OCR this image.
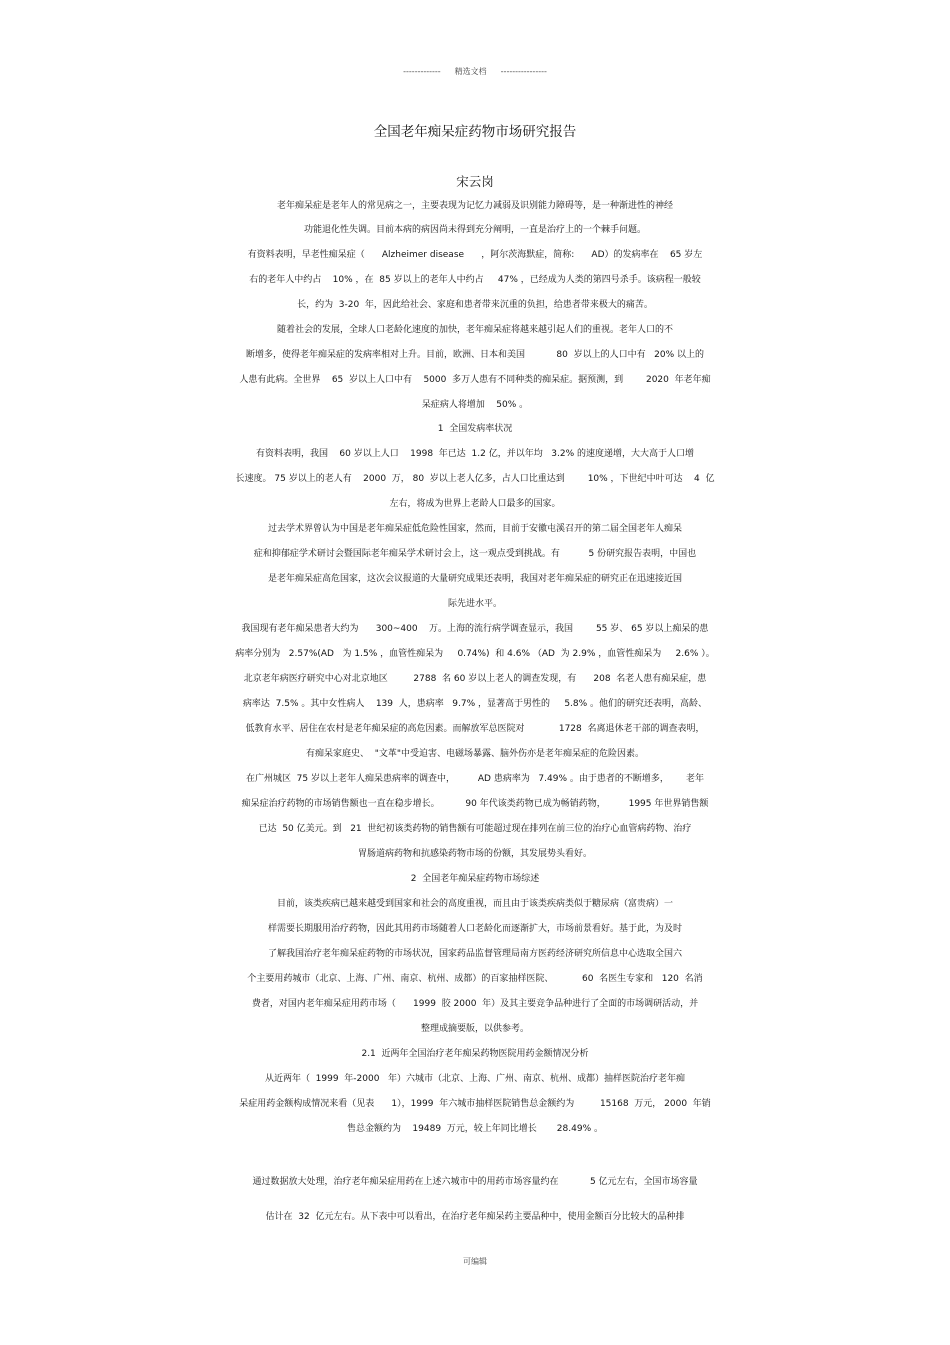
------------- 精选文档 ----------------
全国老年痴呆症药物市场研究报告
宋云岗
老年痴呆症是老年人的常见病之一，主要表现为记忆力减弱及识别能力障碍等，是一种渐进性的神经
功能退化性失调。目前本病的病因尚未得到充分阐明，一直是治疗上的一个棘手问题。
有资料表明，早老性痴呆症（      Alzheimer disease      ，阿尔茨海默症，简称:      AD）的发病率在    65 岁左
右的老年人中约占    10% ，在  85 岁以上的老年人中约占     47% ，已经成为人类的第四号杀手。该病程一般较
长，约为  3-20  年，因此给社会、家庭和患者带来沉重的负担，给患者带来极大的痛苦。
随着社会的发展，全球人口老龄化速度的加快，老年痴呆症将越来越引起人们的重视。老年人口的不
断增多，使得老年痴呆症的发病率相对上升。目前，欧洲、日本和美国           80  岁以上的人口中有   20% 以上的
人患有此病。全世界    65  岁以上人口中有    5000  多万人患有不同种类的痴呆症。据预测，到        2020  年老年痴
呆症病人将增加    50% 。
1  全国发病率状况
有资料表明，我国    60 岁以上人口    1998  年已达  1.2 亿，并以年均   3.2% 的速度递增，大大高于人口增
长速度。 75 岁以上的老人有    2000  万， 80  岁以上老人亿多，占人口比重达到        10% ，下世纪中叶可达    4  亿
左右，将成为世界上老龄人口最多的国家。
过去学术界曾认为中国是老年痴呆症低危险性国家，然而，目前于安徽屯溪召开的第二届全国老年人痴呆
症和抑郁症学术研讨会暨国际老年痴呆学术研讨会上，这一观点受到挑战。有          5 份研究报告表明，中国也
是老年痴呆症高危国家，这次会议报道的大量研究成果还表明，我国对老年痴呆症的研究正在迅速接近国
际先进水平。
我国现有老年痴呆患者大约为      300~400    万。上海的流行病学调查显示，我国        55 岁、 65 岁以上痴呆的患
病率分别为   2.57%(AD   为 1.5% ，血管性痴呆为     0.74%)  和 4.6% （AD  为 2.9% ，血管性痴呆为     2.6% ）。
北京老年病医疗研究中心对北京地区         2788  名 60 岁以上老人的调查发现，有      208  名老人患有痴呆症，患
病率达  7.5% 。其中女性病人    139  人，患病率   9.7% ，显著高于男性的     5.8% 。他们的研究还表明，高龄、
低教育水平、居住在农村是老年痴呆症的高危因素。而解放军总医院对            1728  名离退休老干部的调查表明，
有痴呆家庭史、  "文革"中受迫害、电磁场暴露、脑外伤亦是老年痴呆症的危险因素。
在广州城区  75 岁以上老年人痴呆患病率的调查中，        AD 患病率为   7.49% 。由于患者的不断增多，      老年
痴呆症治疗药物的市场销售额也一直在稳步增长。         90 年代该类药物已成为畅销药物，        1995 年世界销售额
已达  50 亿美元。到   21  世纪初该类药物的销售额有可能超过现在排列在前三位的治疗心血管病药物、治疗
胃肠道病药物和抗感染药物市场的份额，其发展势头看好。
2  全国老年痴呆症药物市场综述
目前，该类疾病已越来越受到国家和社会的高度重视，而且由于该类疾病类似于糖尿病（富贵病）一
样需要长期服用治疗药物，因此其用药市场随着人口老龄化而逐渐扩大，市场前景看好。基于此，为及时
了解我国治疗老年痴呆症药物的市场状况，国家药品监督管理局南方医药经济研究所信息中心选取全国六
个主要用药城市（北京、上海、广州、南京、杭州、成都）的百家抽样医院、          60  名医生专家和   120  名消
费者，对国内老年痴呆症用药市场（      1999  胶 2000  年）及其主要竞争品种进行了全面的市场调研活动，并
整理成摘要版，以供参考。
2.1  近两年全国治疗老年痴呆药物医院用药金额情况分析
从近两年（  1999  年-2000   年）六城市（北京、上海、广州、南京、杭州、成都）抽样医院治疗老年痴
呆症用药金额构成情况来看（见表      1），1999  年六城市抽样医院销售总金额约为         15168  万元， 2000  年销
售总金额约为    19489  万元，较上年同比增长       28.49% 。
通过数据放大处理，治疗老年痴呆症用药在上述六城市中的用药市场容量约在           5 亿元左右，全国市场容量
估计在  32  亿元左右。从下表中可以看出，在治疗老年痴呆药主要品种中，使用金额百分比较大的品种排
可编辑
